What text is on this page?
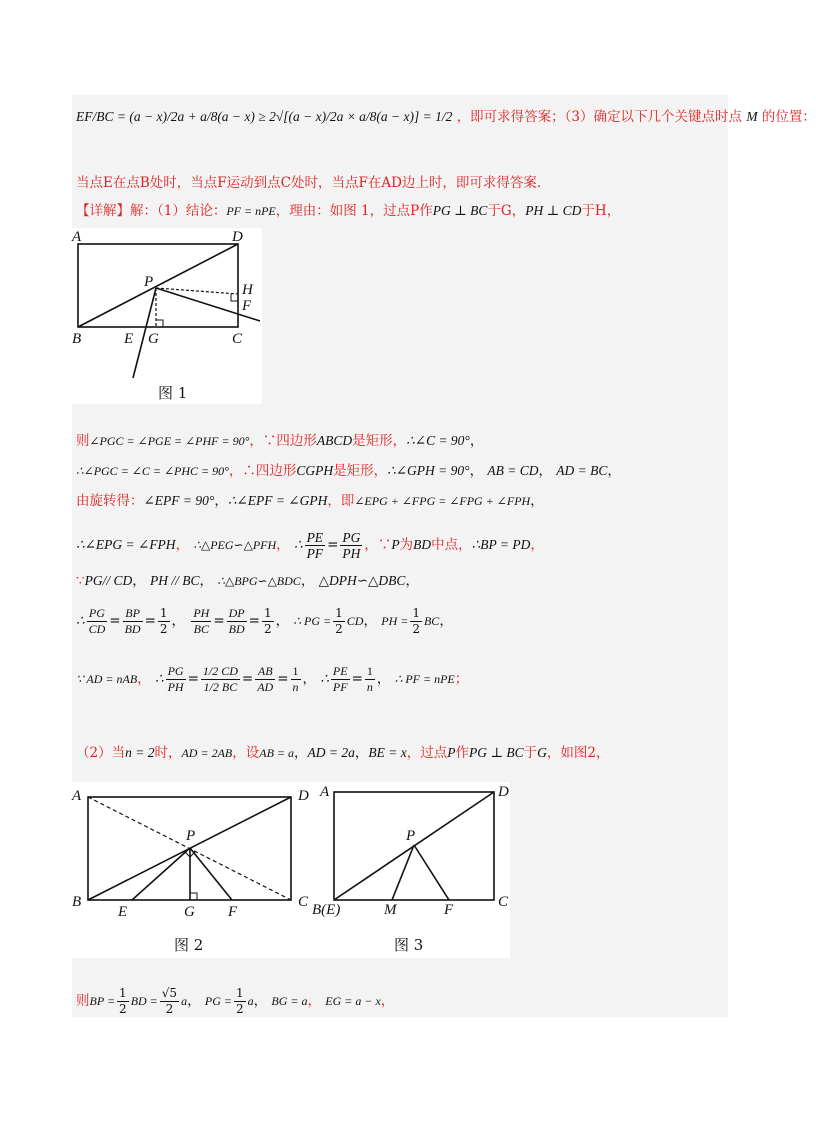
EF/BC = (a − x)/2a + a/8(a − x) ≥ 2√[(a − x)/2a × a/8(a − x)] = 1/2 ，即可求得答案；（3）确定以下几个关键点时点 M 的位置：
当点E在点B处时，当点F运动到点C处时，当点F在AD边上时，即可求得答案.
【详解】解：（1）结论：PF = nPE，理由：如图 1，过点P作PG ⊥ BC于G，PH ⊥ CD于H，
A	D
P	H
F
B	E G	C
图 1
则∠PGC = ∠PGE = ∠PHF = 90°，∵四边形ABCD是矩形，∴∠C = 90°，
∴∠PGC = ∠C = ∠PHC = 90°，∴四边形CGPH是矩形，∴∠GPH = 90°， AB = CD， AD = BC，
由旋转得：∠EPF = 90°，∴∠EPF = ∠GPH，即∠EPG + ∠FPG = ∠FPG + ∠FPH，
∴∠EPG = ∠FPH， ∴△PEG∽△PFH， ∴ $\frac{PE}{PF} = \frac{PG}{PH}$ ，∵P为BD中点，∴BP = PD，
∵PG// CD， PH // BC， ∴△BPG∽△BDC， △DPH∽△DBC，
∴ $\frac{PG}{CD} = \frac{BP}{BD} = \frac{1}{2}$ ， $\frac{PH}{BC} = \frac{DP}{BD} = \frac{1}{2}$ ， ∴ PG = $\frac{1}{2}$ CD， PH = $\frac{1}{2}$ BC，
∵ AD = nAB， ∴ $\frac{PG}{PH} = \frac{1/2 CD}{1/2 BC} = \frac{AB}{AD} = \frac{1}{n}$ ， ∴ $\frac{PE}{PF} = \frac{1}{n}$ ， ∴ PF = nPE；
（2）当n = 2时，AD = 2AB，设AB = a，AD = 2a，BE = x，过点P作PG ⊥ BC于G，如图2，
A	D
P
B
E	G F
C
图 2
A	D
P
B(E)	M	F	C
图 3
则BP = $\frac{1}{2}$ BD = $\frac{√5}{2}$ a， PG = $\frac{1}{2}$ a， BG = a， EG = a − x，
